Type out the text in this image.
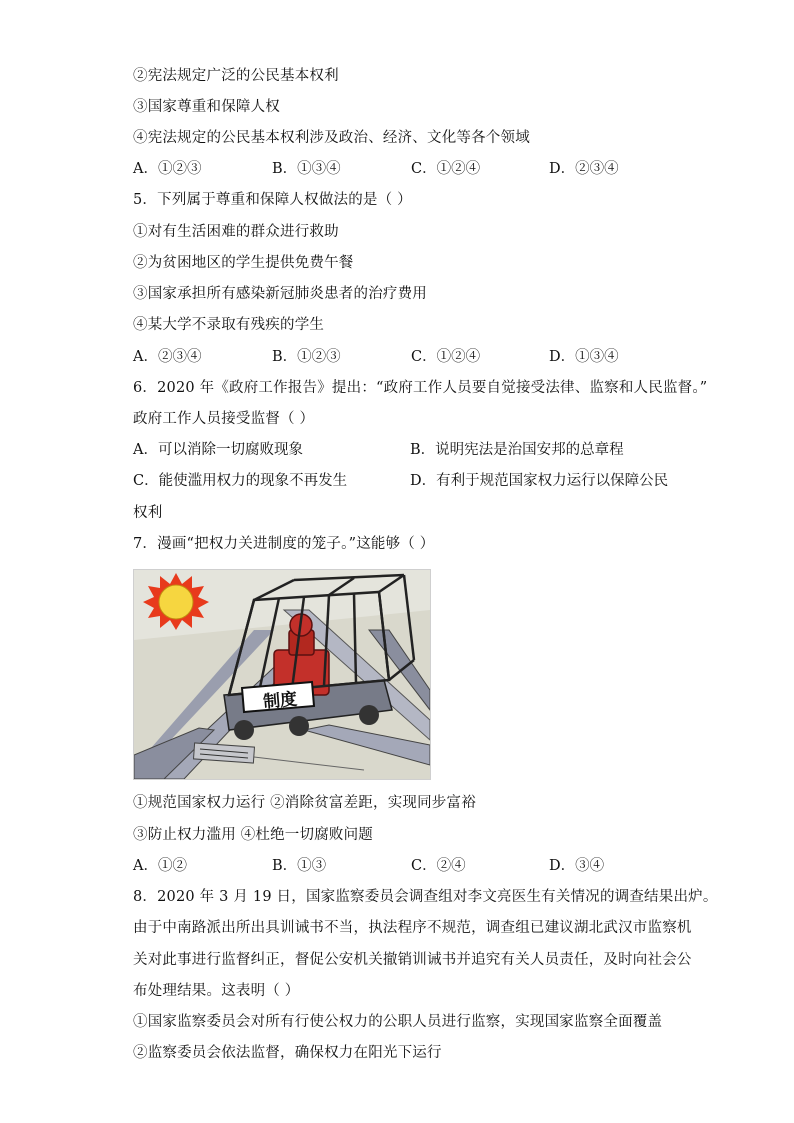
②宪法规定广泛的公民基本权利
③国家尊重和保障人权
④宪法规定的公民基本权利涉及政治、经济、文化等各个领域
A．①②③	B．①③④	C．①②④	D．②③④
5．下列属于尊重和保障人权做法的是（ ）
①对有生活困难的群众进行救助
②为贫困地区的学生提供免费午餐
③国家承担所有感染新冠肺炎患者的治疗费用
④某大学不录取有残疾的学生
A．②③④	B．①②③	C．①②④	D．①③④
6．2020 年《政府工作报告》提出：“政府工作人员要自觉接受法律、监察和人民监督。”
政府工作人员接受监督（ ）
A．可以消除一切腐败现象	B．说明宪法是治国安邦的总章程
C．能使滥用权力的现象不再发生	D．有利于规范国家权力运行以保障公民
权利
7．漫画“把权力关进制度的笼子。”这能够（ ）
制度
①规范国家权力运行 ②消除贫富差距，实现同步富裕
③防止权力滥用 ④杜绝一切腐败问题
A．①②	B．①③	C．②④	D．③④
8．2020 年 3 月 19 日，国家监察委员会调查组对李文亮医生有关情况的调查结果出炉。
由于中南路派出所出具训诫书不当，执法程序不规范，调查组已建议湖北武汉市监察机
关对此事进行监督纠正，督促公安机关撤销训诫书并追究有关人员责任，及时向社会公
布处理结果。这表明（ ）
①国家监察委员会对所有行使公权力的公职人员进行监察，实现国家监察全面覆盖
②监察委员会依法监督，确保权力在阳光下运行
